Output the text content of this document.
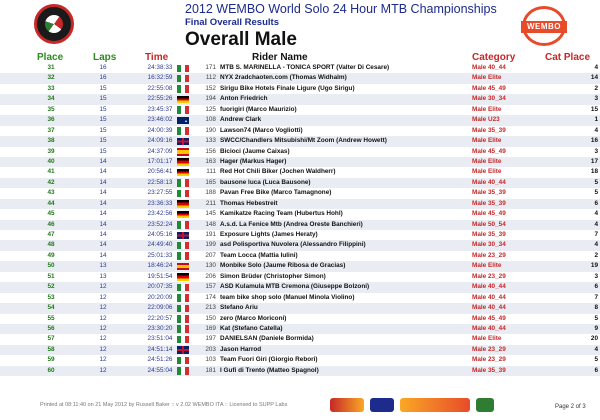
WEMBO
2012 WEMBO World Solo 24 Hour MTB Championships
Final Overall Results
Overall Male
Place	Laps	Time	Rider Name	Category	Cat Place
31	16	24:38:33	171 MTB S. MARINELLA - TONICA SPORT (Valter Di Cesare)	Male 40_44	4
32	16	16:32:59	112 NYX 2radchaoten.com (Thomas Widhalm)	Male Elite	14
33	15	22:55:08	152 Sirigu Bike Hotels Finale Ligure (Ugo Sirigu)	Male 45_49	2
34	15	22:55:26	194 Anton Friedrich	Male 30_34	3
35	15	23:45:37	125 fuorigiri (Marco Maurizio)	Male Elite	15
36	15	23:46:02	108 Andrew Clark	Male U23	1
37	15	24:00:39	190 Lawson74 (Marco Vogliotti)	Male 35_39	4
38	15	24:09:16	133 SWCC/Chandlers Mitsubishi/Mt Zoom (Andrew Howett)	Male Elite	16
39	15	24:37:09	156 Bicioci (Jaume Caixas)	Male 45_49	3
40	14	17:01:17	163 Hager (Markus Hager)	Male Elite	17
41	14	20:56:41	111 Red Hot Chili Biker (Jochen Waldherr)	Male Elite	18
42	14	22:58:13	165 bausone luca (Luca Bausone)	Male 40_44	5
43	14	23:27:55	188 Pavan Free Bike (Marco Tamagnone)	Male 35_39	5
44	14	23:36:33	211 Thomas Hebestreit	Male 35_39	6
45	14	23:42:56	145 Kamikatze Racing Team (Hubertus Hohl)	Male 45_49	4
46	14	23:52:24	148 A.s.d. La Fenice Mtb (Andrea Oreste Banchieri)	Male 50_54	4
47	14	24:05:16	191 Exposure Lights (James Heraty)	Male 35_39	7
48	14	24:49:40	199 asd Polisportiva Nuvolera (Alessandro Filippini)	Male 30_34	4
49	14	25:01:33	207 Team Locca (Mattia Iulini)	Male 23_29	2
50	13	18:46:24	130 Monbike Solo (Jaume Ribosa de Gracias)	Male Elite	19
51	13	19:51:54	206 Simon Brüder (Christopher Simon)	Male 23_29	3
52	12	20:07:35	157 ASD Kulamula MTB Cremona (Giuseppe Bolzoni)	Male 40_44	6
53	12	20:20:09	174 team bike shop solo (Manuel Minola Violino)	Male 40_44	7
54	12	22:09:06	213 Stefano Ariu	Male 40_44	8
55	12	22:20:57	150 zero (Marco Moriconi)	Male 45_49	5
56	12	23:30:20	169 Kat (Stefano Catella)	Male 40_44	9
57	12	23:51:04	197 DANIELSAN (Daniele Bormida)	Male Elite	20
58	12	24:51:14	203 Jason Harrod	Male 23_29	4
59	12	24:51:26	103 Team Fuori Giri (Giorgio Rebori)	Male 23_29	5
60	12	24:55:04	181 I Gufi di Trento (Matteo Spagnol)	Male 35_39	6
Printed at 08:11:40 on 21 May 2012 by Russell Baker :: v 2.02 WEMBO ITA :: Licensed to SUPP Labs	Page 2 of 3
